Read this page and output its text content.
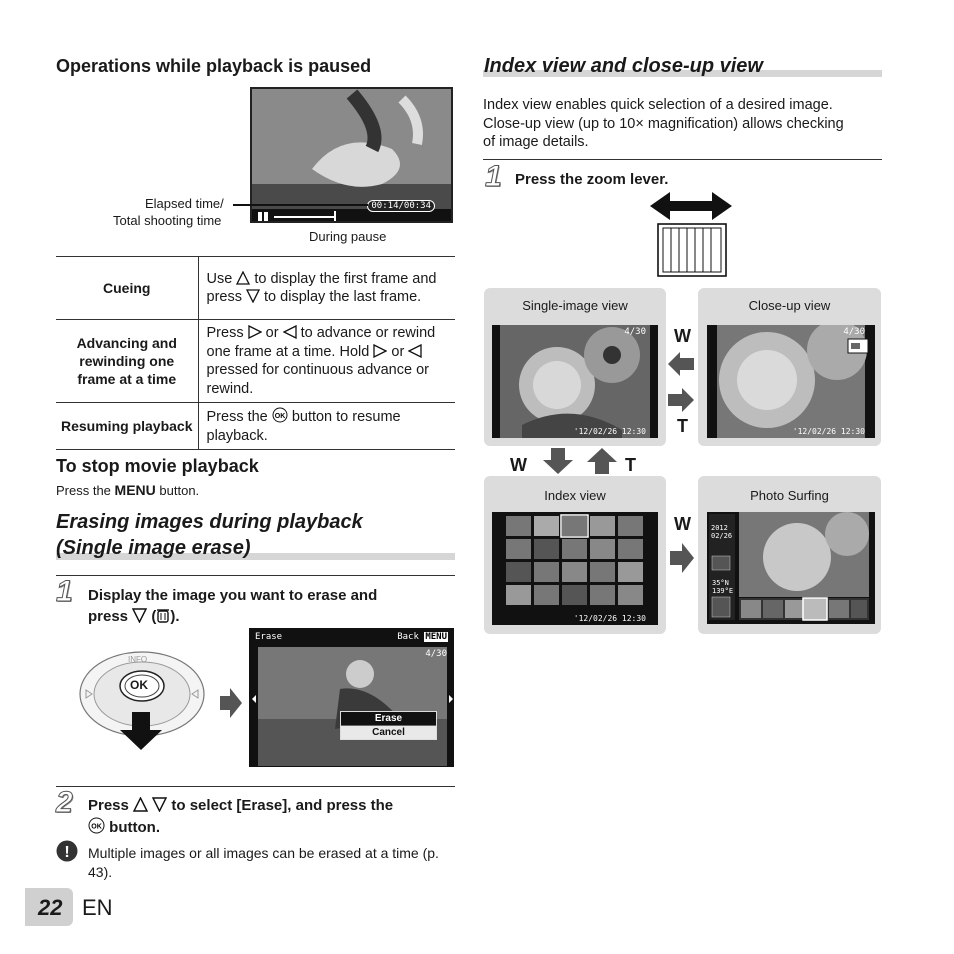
Operations while playback is paused
00:14/00:34
Elapsed time/
Total shooting time
During pause
Cueing	Use to display the first frame and press to display the last frame.
Advancing and rewinding one frame at a time	Press or to advance or rewind one frame at a time. Hold or  pressed for continuous advance or rewind.
Resuming playback	Press the OK button to resume playback.
To stop movie playback
Press the MENU button.
Erasing images during playback
(Single image erase)
1 Display the image you want to erase and
press ( ).
INFO
OK
Erase	Back MENU
4/30
Erase
Cancel
2 Press	to select [Erase], and press the
OK button.
! Multiple images or all images can be erased at a time (p. 43).
22 EN
Index view and close-up view
Index view enables quick selection of a desired image.
Close-up view (up to 10× magnification) allows checking
of image details.
1 Press the zoom lever.
Single-image view
4/30
'12/02/26 12:30
Close-up view
4/30
'12/02/26 12:30
W
T
W	T
Index view
'12/02/26 12:30
W
Photo Surfing
2012
02/26
35°N
139°E
